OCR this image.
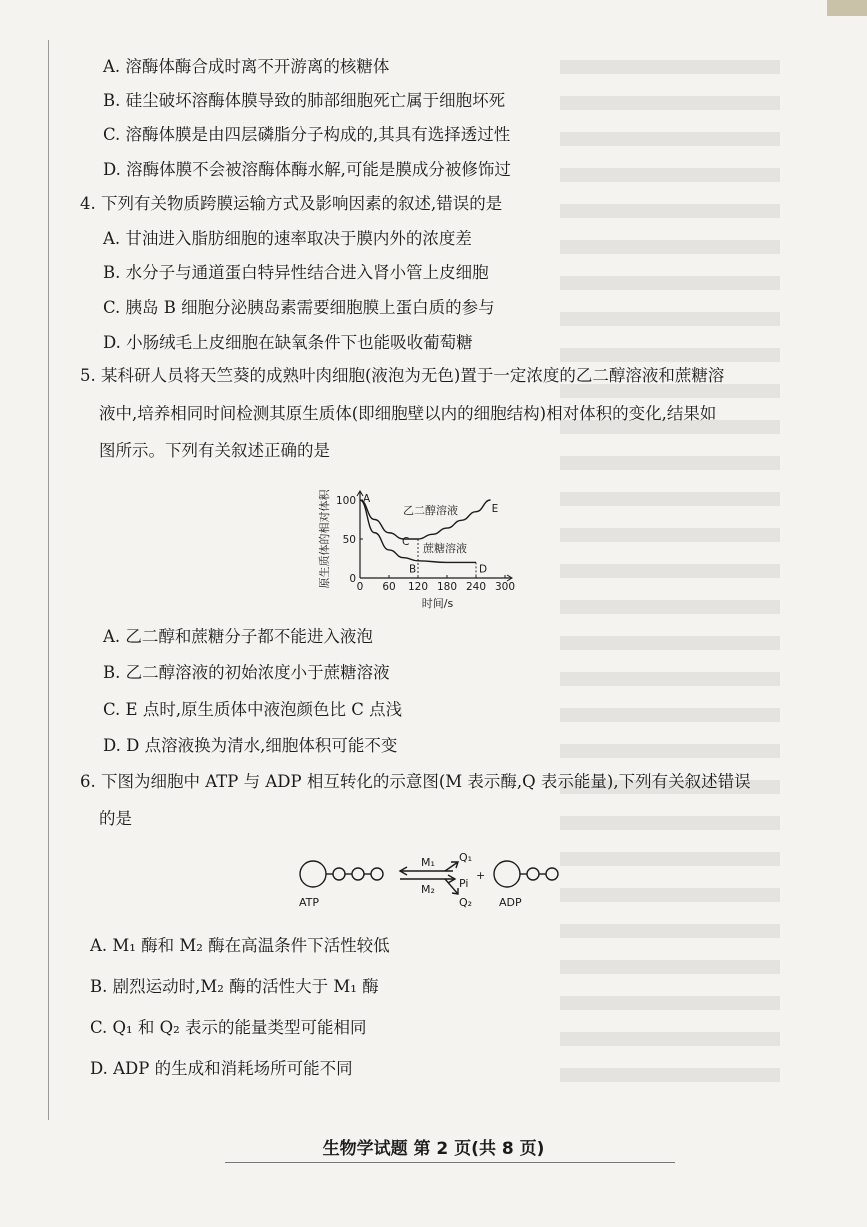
A. 溶酶体酶合成时离不开游离的核糖体
B. 硅尘破坏溶酶体膜导致的肺部细胞死亡属于细胞坏死
C. 溶酶体膜是由四层磷脂分子构成的,其具有选择透过性
D. 溶酶体膜不会被溶酶体酶水解,可能是膜成分被修饰过
4. 下列有关物质跨膜运输方式及影响因素的叙述,错误的是
A. 甘油进入脂肪细胞的速率取决于膜内外的浓度差
B. 水分子与通道蛋白特异性结合进入肾小管上皮细胞
C. 胰岛 B 细胞分泌胰岛素需要细胞膜上蛋白质的参与
D. 小肠绒毛上皮细胞在缺氧条件下也能吸收葡萄糖
5. 某科研人员将天竺葵的成熟叶肉细胞(液泡为无色)置于一定浓度的乙二醇溶液和蔗糖溶
液中,培养相同时间检测其原生质体(即细胞壁以内的细胞结构)相对体积的变化,结果如
图所示。下列有关叙述正确的是
0 60 120 180 240 300
0
50
100
原生质体的相对体积
时间/s
乙二醇溶液
蔗糖溶液
A
B
C
D
E
A. 乙二醇和蔗糖分子都不能进入液泡
B. 乙二醇溶液的初始浓度小于蔗糖溶液
C. E 点时,原生质体中液泡颜色比 C 点浅
D. D 点溶液换为清水,细胞体积可能不变
6. 下图为细胞中 ATP 与 ADP 相互转化的示意图(M 表示酶,Q 表示能量),下列有关叙述错误
的是
M₁
M₂
Q₁
Q₂
Pi
+
ATP	ADP
A. M₁ 酶和 M₂ 酶在高温条件下活性较低
B. 剧烈运动时,M₂ 酶的活性大于 M₁ 酶
C. Q₁ 和 Q₂ 表示的能量类型可能相同
D. ADP 的生成和消耗场所可能不同
生物学试题 第 2 页(共 8 页)
